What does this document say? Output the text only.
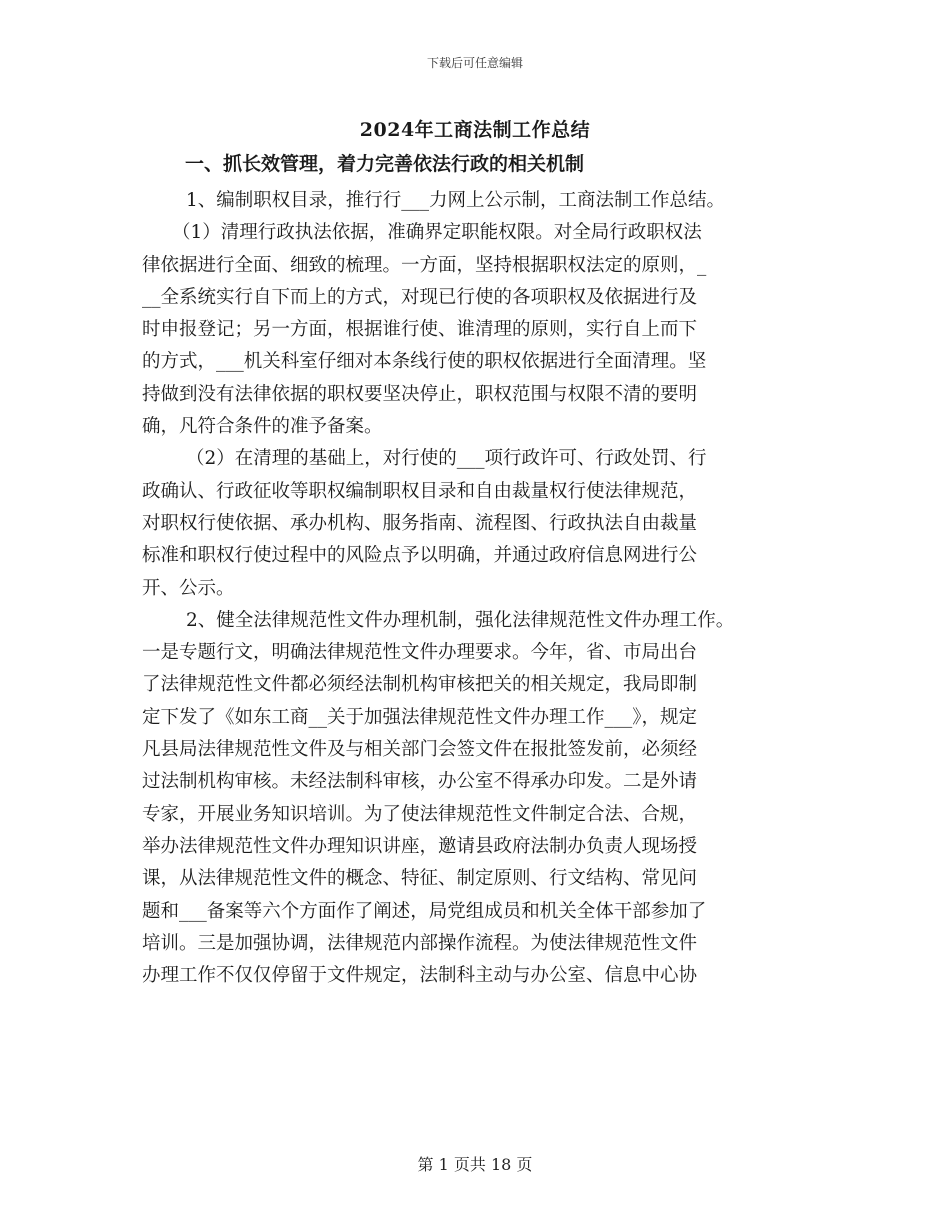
下载后可任意编辑
2024年工商法制工作总结
一、抓长效管理，着力完善依法行政的相关机制
1、编制职权目录，推行行___力网上公示制，工商法制工作总结。
（1）清理行政执法依据，准确界定职能权限。对全局行政职权法
律依据进行全面、细致的梳理。一方面，坚持根据职权法定的原则，_
__全系统实行自下而上的方式，对现已行使的各项职权及依据进行及
时申报登记；另一方面，根据谁行使、谁清理的原则，实行自上而下
的方式，___机关科室仔细对本条线行使的职权依据进行全面清理。坚
持做到没有法律依据的职权要坚决停止，职权范围与权限不清的要明
确，凡符合条件的准予备案。
（2）在清理的基础上，对行使的___项行政许可、行政处罚、行
政确认、行政征收等职权编制职权目录和自由裁量权行使法律规范，
对职权行使依据、承办机构、服务指南、流程图、行政执法自由裁量
标准和职权行使过程中的风险点予以明确，并通过政府信息网进行公
开、公示。
2、健全法律规范性文件办理机制，强化法律规范性文件办理工作。
一是专题行文，明确法律规范性文件办理要求。今年，省、市局出台
了法律规范性文件都必须经法制机构审核把关的相关规定，我局即制
定下发了《如东工商__关于加强法律规范性文件办理工作___》，规定
凡县局法律规范性文件及与相关部门会签文件在报批签发前，必须经
过法制机构审核。未经法制科审核，办公室不得承办印发。二是外请
专家，开展业务知识培训。为了使法律规范性文件制定合法、合规，
举办法律规范性文件办理知识讲座，邀请县政府法制办负责人现场授
课，从法律规范性文件的概念、特征、制定原则、行文结构、常见问
题和___备案等六个方面作了阐述，局党组成员和机关全体干部参加了
培训。三是加强协调，法律规范内部操作流程。为使法律规范性文件
办理工作不仅仅停留于文件规定，法制科主动与办公室、信息中心协
第 1 页共 18 页
